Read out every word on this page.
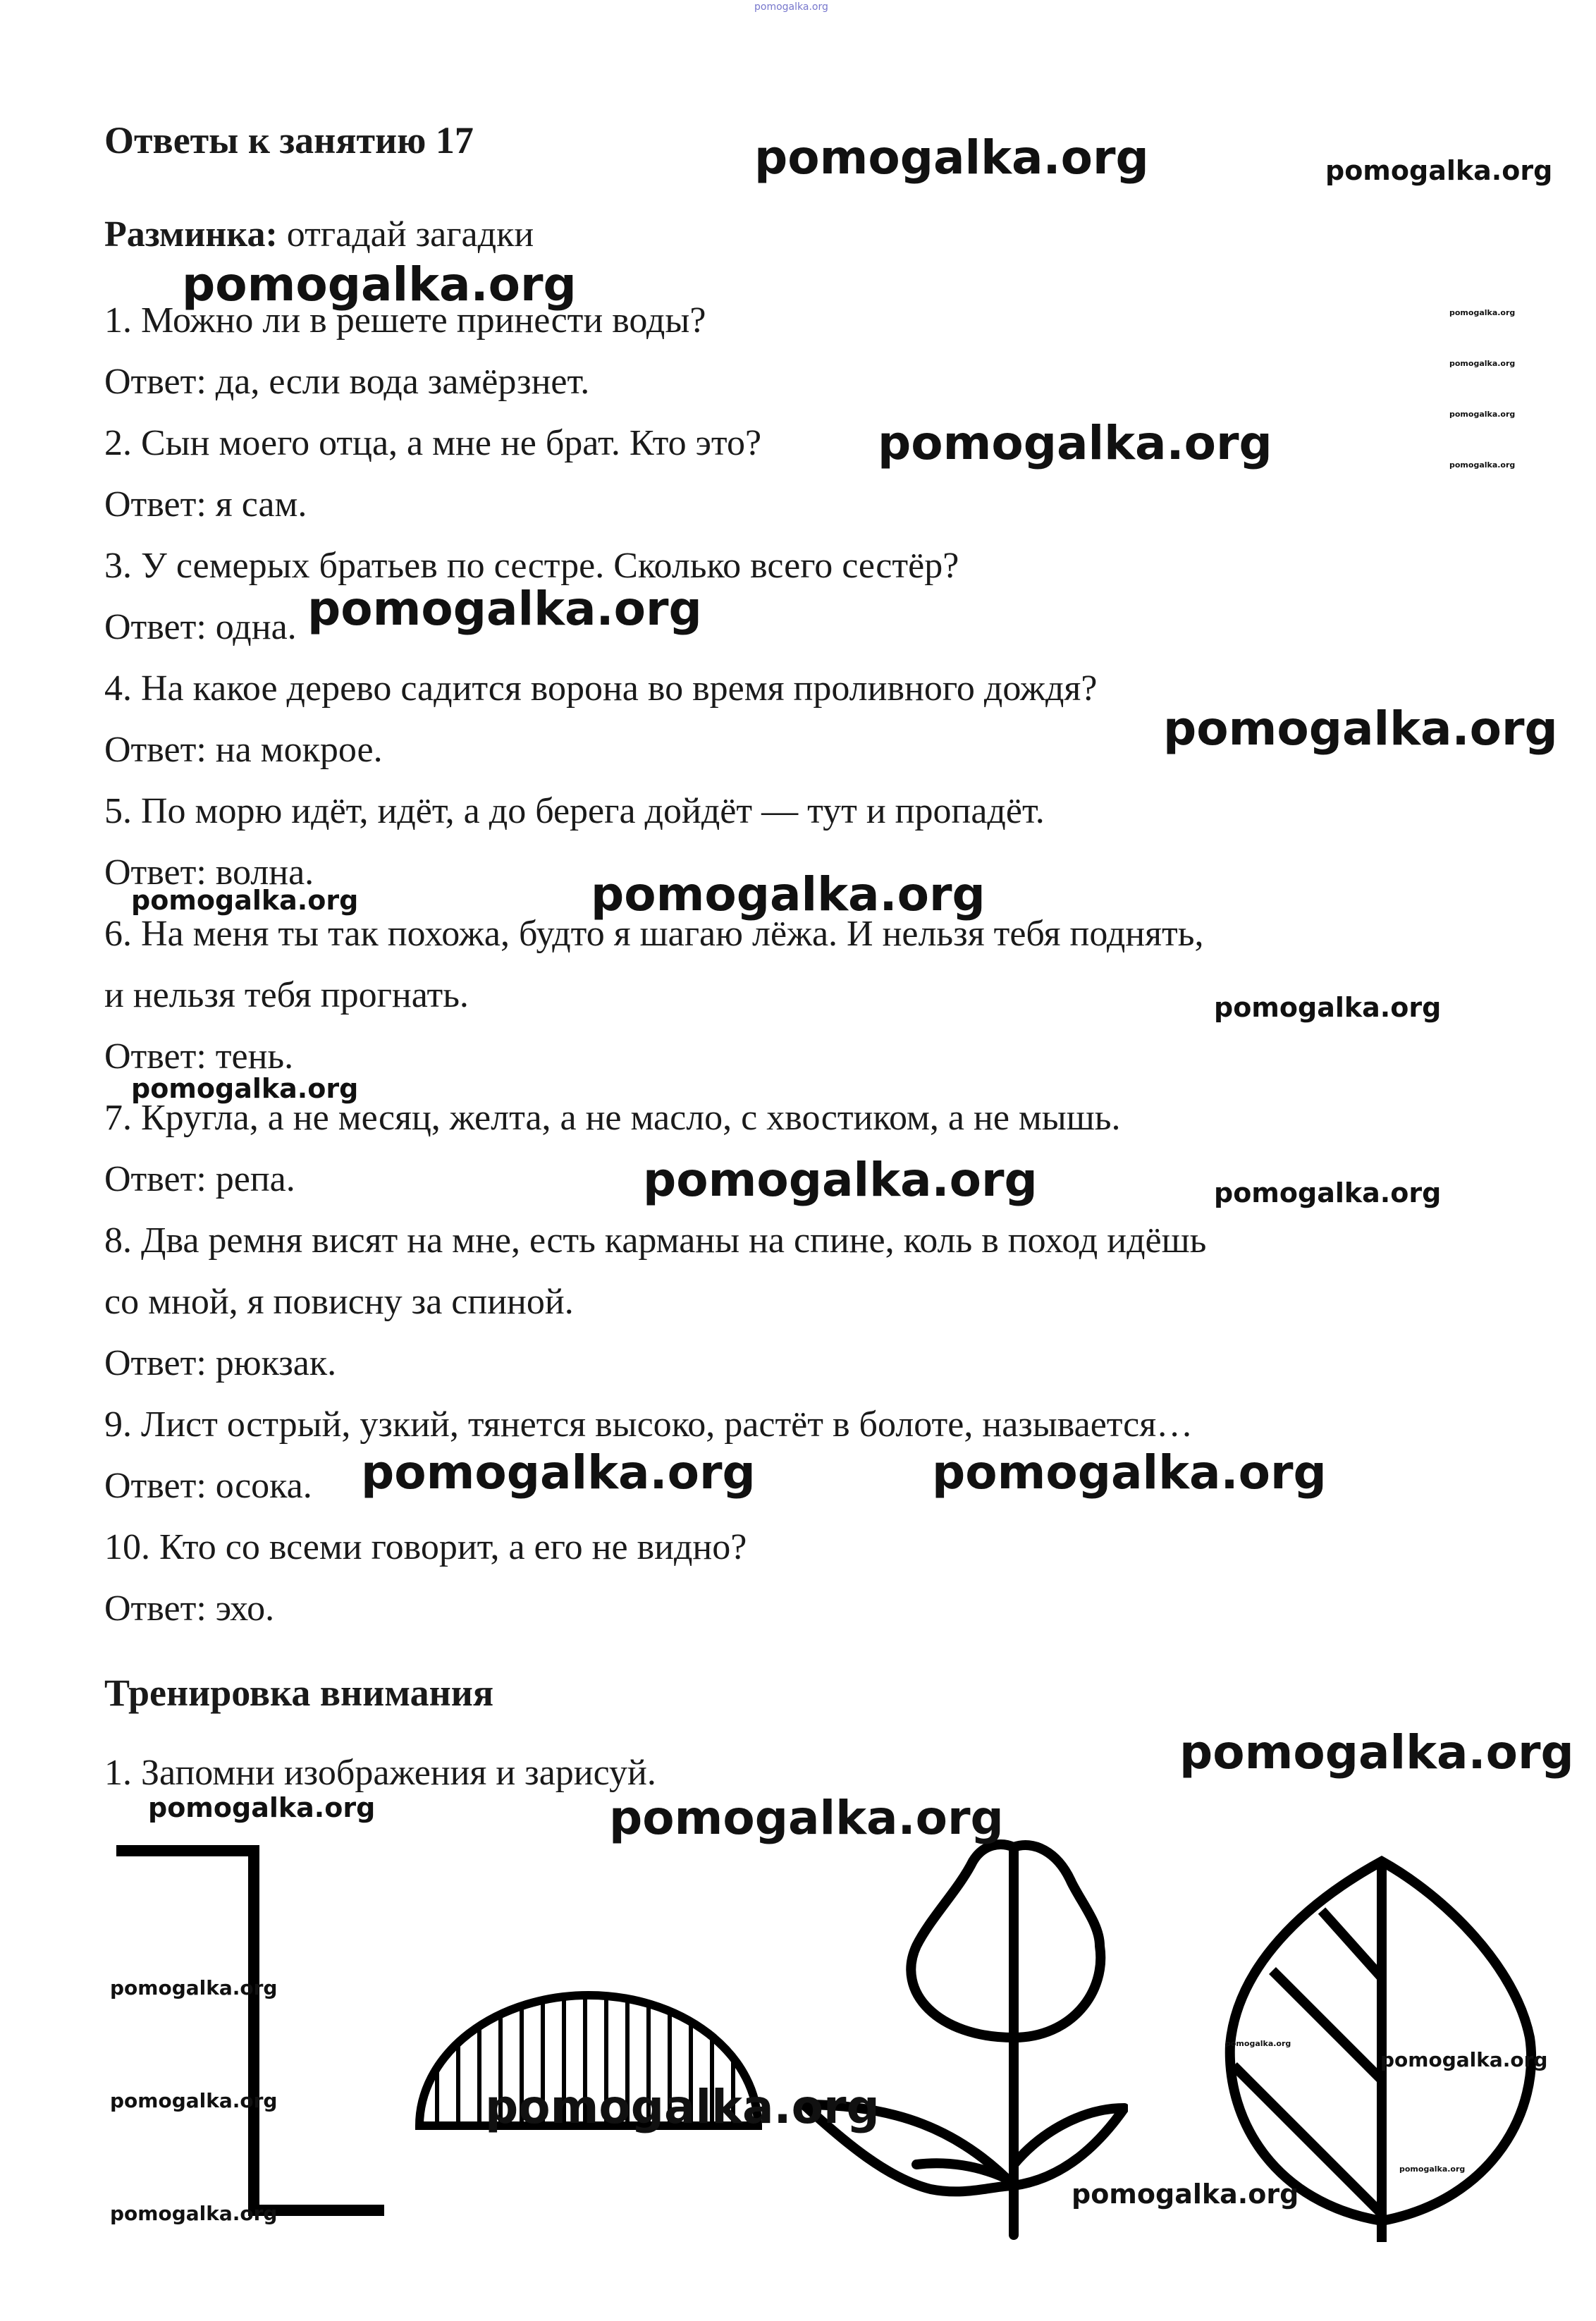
pomogalka.org
Ответы к занятию 17
Разминка: отгадай загадки
1. Можно ли в решете принести воды?
Ответ: да, если вода замёрзнет.
2. Сын моего отца, а мне не брат. Кто это?
Ответ: я сам.
3. У семерых братьев по сестре. Сколько всего сестёр?
Ответ: одна.
4. На какое дерево садится ворона во время проливного дождя?
Ответ: на мокрое.
5. По морю идёт, идёт, а до берега дойдёт — тут и пропадёт.
Ответ: волна.
6. На меня ты так похожа, будто я шагаю лёжа. И нельзя тебя поднять,
и нельзя тебя прогнать.
Ответ: тень.
7. Кругла, а не месяц, желта, а не масло, с хвостиком, а не мышь.
Ответ: репа.
8. Два ремня висят на мне, есть карманы на спине, коль в поход идёшь
со мной, я повисну за спиной.
Ответ: рюкзак.
9. Лист острый, узкий, тянется высоко, растёт в болоте, называется…
Ответ: осока.
10. Кто со всеми говорит, а его не видно?
Ответ: эхо.
Тренировка внимания
1. Запомни изображения и зарисуй.
pomogalka.org	pomogalka.org
pomogalka.org
pomogalka.org
pomogalka.org
pomogalka.org
pomogalka.org
pomogalka.org
pomogalka.org
pomogalka.org
pomogalka.org	pomogalka.org
pomogalka.org
pomogalka.org
pomogalka.org	pomogalka.org
pomogalka.org	pomogalka.org
pomogalka.org
pomogalka.org	pomogalka.org
pomogalka.org
pomogalka.org	pomogalka.org
pomogalka.org
pomogalka.org
pomogalka.org
pomogalka.org
pomogalka.org
